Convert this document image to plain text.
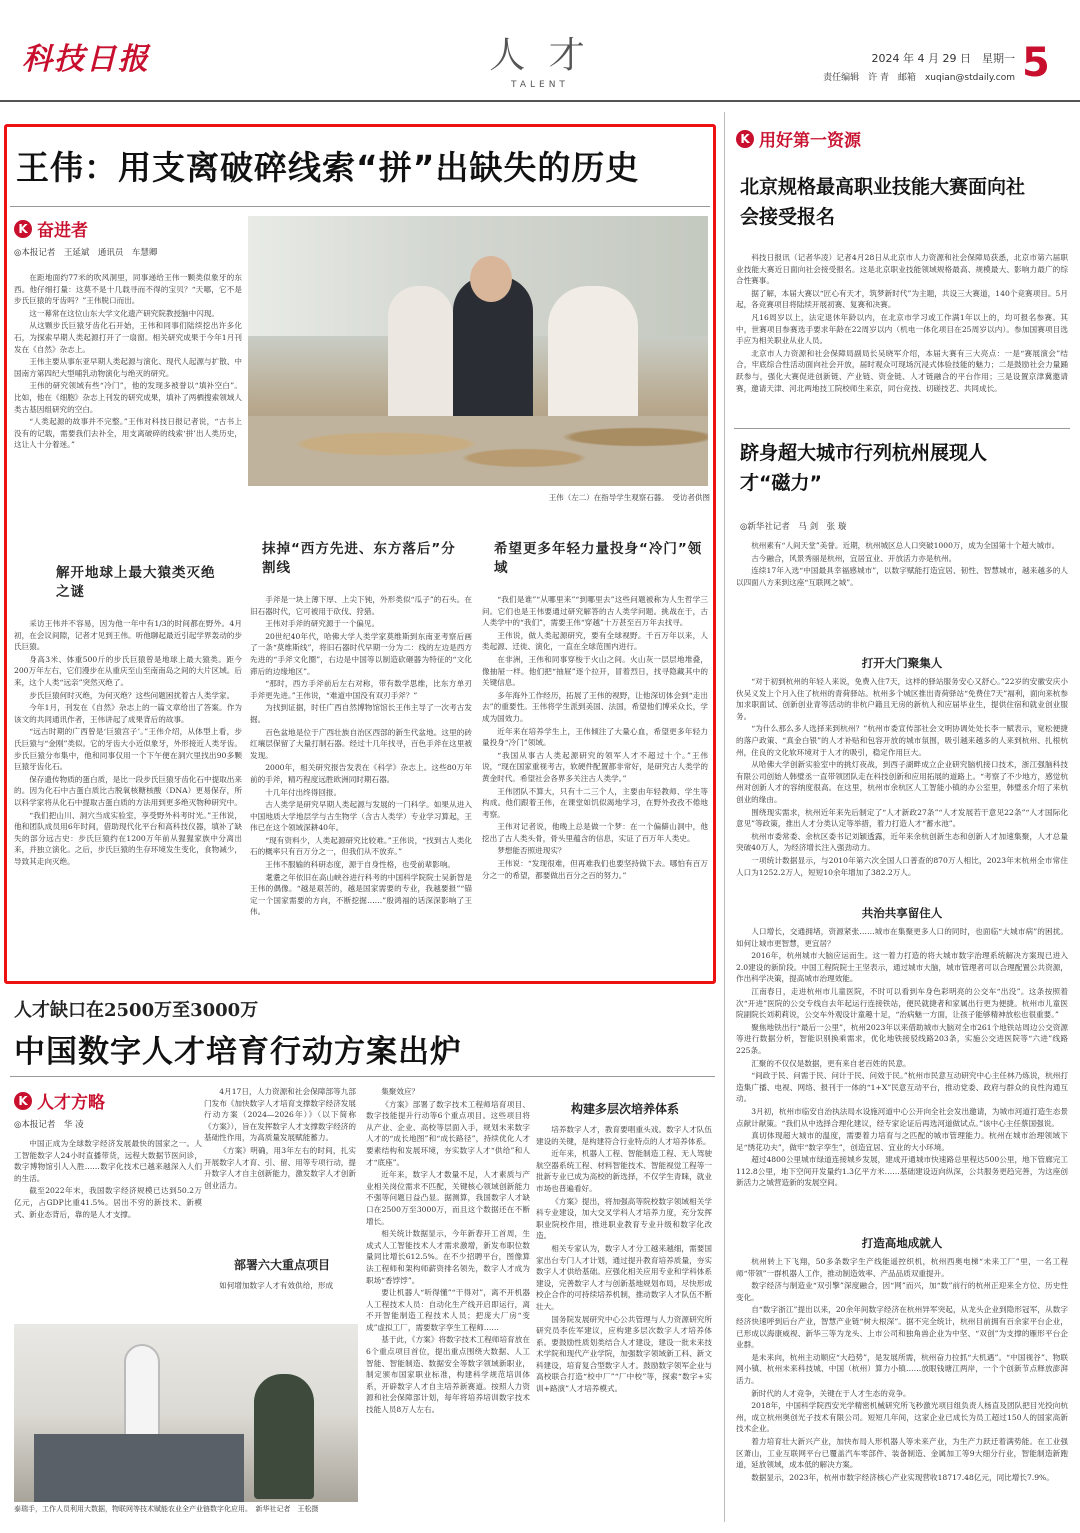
科技日报	人 才
TALENT
2024 年 4 月 29 日　星期一
责任编辑　许 青　邮箱　xuqian@stdaily.com 5
王伟：用支离破碎线索“拼”出缺失的历史
K 奋进者
◎本报记者　王延斌　通讯员　车慧卿

在距地面约77米的吹风洞里，同事递给王伟一颗类似象牙的东西。他仔细打量：这莫不是十几载寻而不得的宝贝？“天哪，它不是步氏巨猿的牙齿吗？”王伟脱口而出。

这一幕常在这位山东大学文化遗产研究院教授脑中闪现。

从这颗步氏巨猿牙齿化石开始，王伟和同事们陆续挖出许多化石，为探索早期人类起源打开了一扇窗。相关研究成果于今年1月刊发在《自然》杂志上。

王伟主要从事东亚早期人类起源与演化、现代人起源与扩散、中国南方第四纪大型哺乳动物演化与绝灭的研究。

王伟的研究领域有些“冷门”，他的发现多被誉以“填补空白”。比如，他在《细胞》杂志上刊发的研究成果，填补了两栖搜索领域人类古基因组研究的空白。

“人类起源的故事并不完整。”王伟对科技日报记者说，“古书上没有的记载，需要我们去补全，用支离破碎的线索‘拼’出人类历史，这让人十分着迷。”

王伟（左二）在指导学生观察石器。　受访者供图
解开地球上最大猿类灭绝之谜

采访王伟并不容易，因为他一年中有1/3的时间都在野外。4月初，在会议间隙，记者才见到王伟。听他聊起最近引起学界轰动的步氏巨猿。

身高3米、体重500斤的步氏巨猿曾是地球上最大猿类。距今200万年左右，它们漫步在从重庆至山至南南岛之间的大片区域。后来，这个人类“远亲”突然灭绝了。

步氏巨猿何时灭绝，为何灭绝？这些问题困扰着古人类学家。

今年1月，刊发在《自然》杂志上的一篇文章给出了答案。作为该文的共同通讯作者，王伟讲起了成果背后的故事。

“远古时期的广西曾是‘巨猿宫子’。”王伟介绍，从体型上看，步氏巨猿与“金刚”类似。它的牙齿大小近似象牙，外形接近人类牙齿。步氏巨猿分布集中，他和同事仅用一个下午便在洞穴里找出90多颗巨猿牙齿化石。

保存遗传物质的蛋白质，是比一段步氏巨猿牙齿化石中提取出来的。因为化石中古蛋白质比古脱氧核糖核酸（DNA）更易保存，所以科学家将从化石中提取古蛋白质的方法用到更多绝灭物种研究中。

“我们把山川、洞穴当成实验室，享受野外科考时光。”王伟说，他和团队成员用6年时间，借助现代化平台和高科技仪器，填补了缺失的部分远古史：步氏巨猿约在1200万年前从猩猩家族中分离出来，并独立演化。之后，步氏巨猿的生存环境发生变化，食物减少，导致其走向灭绝。

抹掉“西方先进、东方落后”分割线

手斧是一块上薄下厚、上尖下钝，外形类似“瓜子”的石头。在旧石器时代，它可被用于砍伐、狩猎。

王伟对手斧的研究源于一个偏见。

20世纪40年代，哈佛大学人类学家莫维斯到东南亚考察后画了一条“莫维斯线”，将旧石器时代早期一分为二：线的左边是西方先进的“手斧文化圈”，右边是中国等以制造砍砸器为特征的“文化滞后的边缘地区”。

“那时，西方手斧前后左右对称，带有数学思维，比东方单刃手斧更先进。”王伟说，“难道中国没有双刃手斧？”

为找到证据，时任广西自然博物馆馆长王伟主导了一次考古发掘。

百色盆地是位于广西壮族自治区西部的新生代盆地。这里的砖红壤层保留了大量打制石器。经过十几年找寻，百色手斧在这里被发现。

2000年，相关研究报告发表在《科学》杂志上。这些80万年前的手斧，精巧程度远胜欧洲同时期石器。

十几年付出终得回报。

古人类学是研究早期人类起源与发展的一门科学。如果从进入中国地质大学地层学与古生物学（含古人类学）专业学习算起，王伟已在这个领域深耕40年。

“现有资料少，人类起源研究比较难。”王伟说，“找到古人类化石的概率只有百万分之一，但我们从不放弃。”

王伟不服输的科研态度，源于自身性格，也受前辈影响。

耄耋之年依旧在高山峡谷进行科考的中国科学院院士吴新智是王伟的偶像。“越是艰苦的，越是国家需要的专业，我越要报”“锚定一个国家需要的方向，不断挖掘……”殷鸿福的话深深影响了王伟。

希望更多年轻力量投身“冷门”领域

“我们是谁”“从哪里来”“到哪里去”这些问题被称为人生哲学三问。它们也是王伟要通过研究解答的古人类学问题。挑战在于，古人类学中的“我们”，需要王伟“穿越”十万甚至百万年去找寻。

王伟说，做人类起源研究，要有全球视野。千百万年以来，人类起源、迁徙、演化，一直在全球范围内进行。

在非洲，王伟和同事穿梭于火山之间。火山灰一层层地堆叠，像抽屉一样。他们把“抽屉”逐个拉开，冒着烈日，找寻隐藏其中的关键信息。

多年海外工作经历，拓展了王伟的视野，让他深切体会到“走出去”的重要性。王伟将学生派到美国、法国，希望他们博采众长，学成为国效力。

近年来在培养学生上，王伟倾注了大量心血，希望更多年轻力量投身“冷门”领域。

“我国从事古人类起源研究的领军人才不超过十个。”王伟说，“现在国家重视考古，软硬件配置都非常好，是研究古人类学的黄金时代。希望社会各界多关注古人类学。”

王伟团队不算大，只有十二三个人，主要由年轻教师、学生等构成。他们跟着王伟，在课堂如饥似渴地学习，在野外孜孜不倦地考察。

王伟对记者说，他晚上总是做一个梦：在一个偏僻山洞中，他挖出了古人类头骨，骨头里蕴含的信息，实证了百万年人类史。

梦想能否照进现实？

王伟说：“发现很难，但再难我们也要坚持做下去。哪怕有百万分之一的希望，都要做出百分之百的努力。”

人才缺口在2500万至3000万
中国数字人才培育行动方案出炉
K 人才方略
◎本报记者　华 凌

中国正成为全球数字经济发展最快的国家之一。人工智能数字人24小时直播带货，远程大数据节医问诊，数字博物馆引人入胜……数字化技术已越来越深入人们的生活。

截至2022年末，我国数字经济规模已达到50.2万亿元，占GDP比重41.5%。居出不穷的新技术、新模式、新业态背后，靠的是人才支撑。

4月17日，人力资源和社会保障部等九部门发布《加快数字人才培育支撑数字经济发展行动方案（2024—2026年）》（以下简称《方案》），旨在发挥数字人才支撑数字经济的基础性作用，为高质量发展赋能蓄力。

《方案》明确，用3年左右的时间，扎实开展数字人才育、引、留、用等专项行动，提升数字人才自主创新能力，激发数字人才创新创业活力。

部署六大重点项目

如何增加数字人才有效供给，形成

集聚效应？

《方案》部署了数字技术工程师培育项目、数字技能提升行动等6个重点项目。这些项目将从产业、企业、高校等层面入手，规划未来数字人才的“成长地图”和“成长路径”，持续优化人才要素结构和发展环境，夯实数字人才“供给”和人才“底座”。

近年来，数字人才数量不足，人才素质与产业相关岗位需求不匹配，关键核心领域创新能力不强等问题日益凸显。据测算，我国数字人才缺口在2500万至3000万，而且这个数据还在不断增长。

相关统计数据显示，今年新春开工首周，生成式人工智能技术人才需求激增，新发布职位数量同比增长612.5%。在不少招聘平台，图像算法工程师和架构师薪资排名领先，数字人才成为职场“香饽饽”。

要让机器人“听得懂”“干得对”，离不开机器人工程技术人员：自动化生产线开启即运行，离不开智能制造工程技术人员；把庞大厂房“变成”虚拟工厂，需要数字孪生工程师……

基于此，《方案》将数字技术工程师培育放在6个重点项目首位，提出重点围绕大数据、人工智能、智能制造、数据安全等数字领域新职业，制定颁布国家职业标准，构建科学规范培训体系，开辟数字人才自主培养新赛道。按照人力资源和社会保障部计划，每年将培养培训数字技术技能人员8万人左右。

构建多层次培养体系

培养数字人才，教育要唱重头戏。数字人才队伍建设的关键，是构建符合行业特点的人才培养体系。

近年来，机器人工程、智能制造工程、无人驾驶航空器系统工程、材料智能技术、智能视觉工程等一批新专业已成为高校的新选择，不仅学生青睐，就业市场也普遍看好。

《方案》提出，将加强高等院校数字领域相关学科专业建设，加大交叉学科人才培养力度，充分发挥职业院校作用，推进职业教育专业升级和数字化改造。

相关专家认为，数字人才分工越来越细，需要国家出台专门人才计划，通过提升教育培养质量，夯实数字人才供给基础。应强化相关应用专业和学科体系建设，完善数字人才与创新基地规划布局，尽快形成校企合作的可持续培养机制，推动数字人才队伍不断壮大。

国务院发展研究中心公共管理与人力资源研究所研究员李佐军建议，应构建多层次数字人才培养体系。要鼓励性质划类结合人才建设，建设一批未来技术学院和现代产业学院，加强数字领域新工科、新文科建设，培育复合型数字人才。鼓励数字领军企业与高校联合打造“校中厂”“厂中校”等，探索“数字+实训+路演”人才培养模式。

泰瑞手，工作人员利用大数据，物联网等技术赋能农业全产业链数字化应用。　新华社记者　王松摄
K 用好第一资源
北京规格最高职业技能大赛面向社会接受报名

科技日报讯（记者华凌）记者4月28日从北京市人力资源和社会保障局获悉，北京市第六届职业技能大赛近日面向社会接受报名。这是北京职业技能领域规格最高、规模最大、影响力最广的综合性赛事。

据了解，本届大赛以“匠心有天才，筑梦新时代”为主题，共设三大赛道，140个竞赛项目。5月起，各竞赛项目将陆续开展初赛、复赛和决赛。

凡16周岁以上，法定退休年龄以内，在北京市学习或工作满1年以上的，均可报名参赛。其中，世赛项目参赛选手要求年龄在22周岁以内（机电一体化项目在25周岁以内）。参加国赛项目选手应为相关职业从业人员。

北京市人力资源和社会保障局副局长吴晓军介绍，本届大赛有三大亮点：一是“赛展演会”结合，牢底综合性活动面向社会开放，届时观众可现场沉浸式体验技能的魅力；二是鼓励社会力量踊跃参与，强化大赛促进创新链、产业链、资金链、人才链融合的平台作用；三是设置京津冀邀请赛，邀请天津、河北两地技工院校师生来京，同台竞技、切磋技艺、共同成长。

跻身超大城市行列杭州展现人才“磁力”
◎新华社记者　马 剑　张 璇

杭州素有“人间天堂”美誉。近期，杭州城区总人口突破1000万，成为全国第十个超大城市。

古今融合，风景秀丽是杭州，宜居宜业、开放活力亦是杭州。

连续17年入选“中国最具幸福感城市”，以数字赋能打造宜居、韧性、智慧城市，越来越多的人以四面八方来到这座“互联网之城”。

打开大门聚集人

“对于初到杭州的年轻人来说，免费入住7天，这样的驿站服务安心又舒心。”22岁的安徽安庆小伙吴义发上个月入住了杭州的青荷驿站。杭州多个城区推出青荷驿站“免费住7天”福利，面向来杭参加求职面试、创新创业青等活动的非杭户籍且无房的新杭人和应届毕业生，提供住宿和就业创业服务。

“为什么那么多人选择来到杭州？”杭州市委宣传部社会文明协调处处长李一赋表示，宽松便捷的落户政策、“真金白银”的人才补贴和包容开放的城市氛围，吸引越来越多的人来到杭州、扎根杭州，住良的文化软环境对于人才的吸引，稳定作用巨大。

从哈佛大学创新实验室中的挑灯夜战，到西子湖畔成立企业研究脑机接口技术，浙江强脑科技有限公司创始人韩璧丞一直带领团队走在科技创新和应用拓展的道路上。“考察了不少地方，感觉杭州对创新人才的容纳度很高。在这里，杭州市余杭区人工智能小镇的办公室里，韩璧丞介绍了来杭创业的缘由。

围绕现实需求，杭州近年来先后制定了“人才新政27条”“人才发展若干意见22条”“人才国际化意见”等政策，推出人才分类认定等举措，着力打造人才“蓄水池”。

杭州市委常委、余杭区委书记刘颖透露，近年来余杭创新生态和创新人才加速集聚，人才总量突破40万人，为经济增长注入强劲动力。

一项统计数据显示，与2010年第六次全国人口普查的870万人相比，2023年末杭州全市常住人口为1252.2万人，短短10余年增加了382.2万人。

共治共享留住人

人口增长，交通拥堵，资源紧张……城市在集聚更多人口的同时，也面临“大城市病”的困扰。如何让城市更智慧，更宜居？

2016年，杭州城市大脑应运而生。这一着力打造的将大城市数字治理系统解决方案现已进入2.0建设的新阶段。中国工程院院士王坚表示，通过城市大脑，城市管理者可以合理配置公共资源，作出科学决策，提高城市治理效能。

江南春日，走进杭州市儿童医院，不时可以看到车身色彩明亮的公交车“出没”。这条按照着次“开进”医院的公交专线自去年起运行连接铁站，便民就捷者和家属出行更为便捷。杭州市儿童医院副院长刘莉莉说，公交车外观设计童趣十足，“治病魅一方面，让孩子能够精神放松也很重要。”

聚焦地铁出行“最后一公里”，杭州2023年以来借助城市大脑对全市261个地铁站周边公交资源等进行数据分析，智能识别换乘需求，优化地铁接驳线路203条，实施公交进医院等“六进”线路225条。

汇聚的不仅仅是数据，更有来自老百姓的民意。

“间政于民、问需于民、问计于民、问效于民。”杭州市民意互动研究中心主任林乃炼说，杭州打造集广播、电视、网络、报刊于一体的“1+X”民意互动平台，推动党委、政府与群众的良性沟通互动。

3月初，杭州市临安自治执法局水设施河道中心公开向全社会发出邀请，为城市河道打造生态景点献计献策。“我们从中选择合理化建议，经专家论证后再选河道做试点。”该中心主任蔡国强说。

真切体现超大城市的温度，需要着力培育与之匹配的城市管理能力。杭州在城市治理领域下足“绣花功夫”，做牢“数字孪生”，创造宜居、宜业的大小环境。

超过4800公里城市绿道连接城乡发展，建成开通城市快速路总里程达500公里，地下管廊完工112.8公里，地下空间开发量约1.3亿平方米……基础建设迈向纵深，公共服务更趋完善，为这座创新活力之城营造新的发展空间。

打造高地成就人

杭州转上下飞翔，50多条数字生产线能遥控织机，杭州西奥电梯“未来工厂”里，一名工程师“带领”一群机器人工作，推动制造效率、产品品质双重提升。

数字经济与制造业“双引擎”深度融合，因“网”而兴，加“数”前行的杭州正迎来全方位、历史性变化。

自“数字浙江”提出以来，20余年间数字经济在杭州异军突起，从龙头企业到隐形冠军，从数字经济快速呼到后台产业，智慧产业链“树大根深”。据不完全统计，杭州目前拥有百余家平台企业，已形成以海康威视、新华三等为龙头、上市公司和独角兽企业为中坚、“双创”为支撑的雁形平台企业群。

是未来向，杭州主动顺应“大趋势”，是发展所需，杭州奋力拉抓“大机遇”。“中国视谷”、物联网小镇、杭州未来科技城、中国（杭州）算力小镇……放眼钱塘江两岸，一个个创新节点释放澎湃活力。

新时代的人才竞争，关键在于人才生态的竞争。

2018年，中国科学院西安光学精密机械研究所飞秒激光项目组负责人杨直及团队把目光投向杭州，成立杭州奥创光子技术有限公司。短短几年间，这家企业已成长为员工超过150人的国家高新技术企业。

着力培育壮大新兴产业，加快布局人形机器人等未来产业，为生产力跃迁着满势能。在工业强区萧山，工业互联网平台已覆盖汽车零部件、装备制造、金属加工等9大细分行业，智能制造新跑道，延放领域，成本低的解决方案。

数据显示，2023年，杭州市数字经济核心产业实现营收18717.48亿元，同比增长7.9%。
